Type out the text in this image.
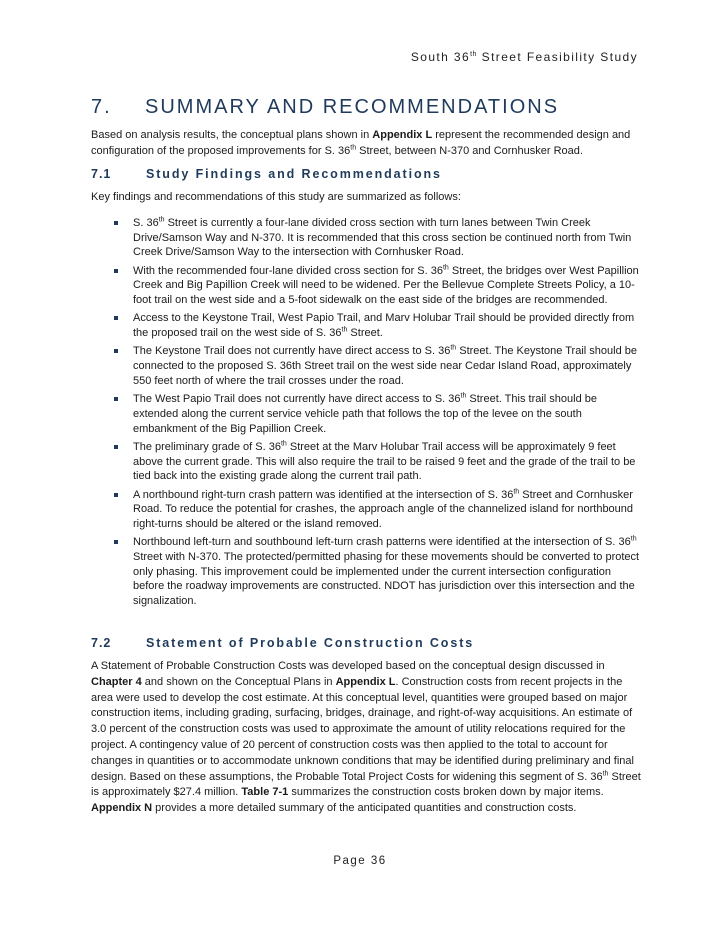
South 36th Street Feasibility Study
7. SUMMARY AND RECOMMENDATIONS
Based on analysis results, the conceptual plans shown in Appendix L represent the recommended design and configuration of the proposed improvements for S. 36th Street, between N-370 and Cornhusker Road.
7.1	Study Findings and Recommendations
Key findings and recommendations of this study are summarized as follows:
S. 36th Street is currently a four-lane divided cross section with turn lanes between Twin Creek Drive/Samson Way and N-370. It is recommended that this cross section be continued north from Twin Creek Drive/Samson Way to the intersection with Cornhusker Road.
With the recommended four-lane divided cross section for S. 36th Street, the bridges over West Papillion Creek and Big Papillion Creek will need to be widened. Per the Bellevue Complete Streets Policy, a 10-foot trail on the west side and a 5-foot sidewalk on the east side of the bridges are recommended.
Access to the Keystone Trail, West Papio Trail, and Marv Holubar Trail should be provided directly from the proposed trail on the west side of S. 36th Street.
The Keystone Trail does not currently have direct access to S. 36th Street. The Keystone Trail should be connected to the proposed S. 36th Street trail on the west side near Cedar Island Road, approximately 550 feet north of where the trail crosses under the road.
The West Papio Trail does not currently have direct access to S. 36th Street. This trail should be extended along the current service vehicle path that follows the top of the levee on the south embankment of the Big Papillion Creek.
The preliminary grade of S. 36th Street at the Marv Holubar Trail access will be approximately 9 feet above the current grade. This will also require the trail to be raised 9 feet and the grade of the trail to be tied back into the existing grade along the current trail path.
A northbound right-turn crash pattern was identified at the intersection of S. 36th Street and Cornhusker Road. To reduce the potential for crashes, the approach angle of the channelized island for northbound right-turns should be altered or the island removed.
Northbound left-turn and southbound left-turn crash patterns were identified at the intersection of S. 36th Street with N-370. The protected/permitted phasing for these movements should be converted to protect only phasing. This improvement could be implemented under the current intersection configuration before the roadway improvements are constructed. NDOT has jurisdiction over this intersection and the signalization.
7.2	Statement of Probable Construction Costs
A Statement of Probable Construction Costs was developed based on the conceptual design discussed in Chapter 4 and shown on the Conceptual Plans in Appendix L. Construction costs from recent projects in the area were used to develop the cost estimate. At this conceptual level, quantities were grouped based on major construction items, including grading, surfacing, bridges, drainage, and right-of-way acquisitions. An estimate of 3.0 percent of the construction costs was used to approximate the amount of utility relocations required for the project. A contingency value of 20 percent of construction costs was then applied to the total to account for changes in quantities or to accommodate unknown conditions that may be identified during preliminary and final design. Based on these assumptions, the Probable Total Project Costs for widening this segment of S. 36th Street is approximately $27.4 million. Table 7-1 summarizes the construction costs broken down by major items. Appendix N provides a more detailed summary of the anticipated quantities and construction costs.
Page 36
